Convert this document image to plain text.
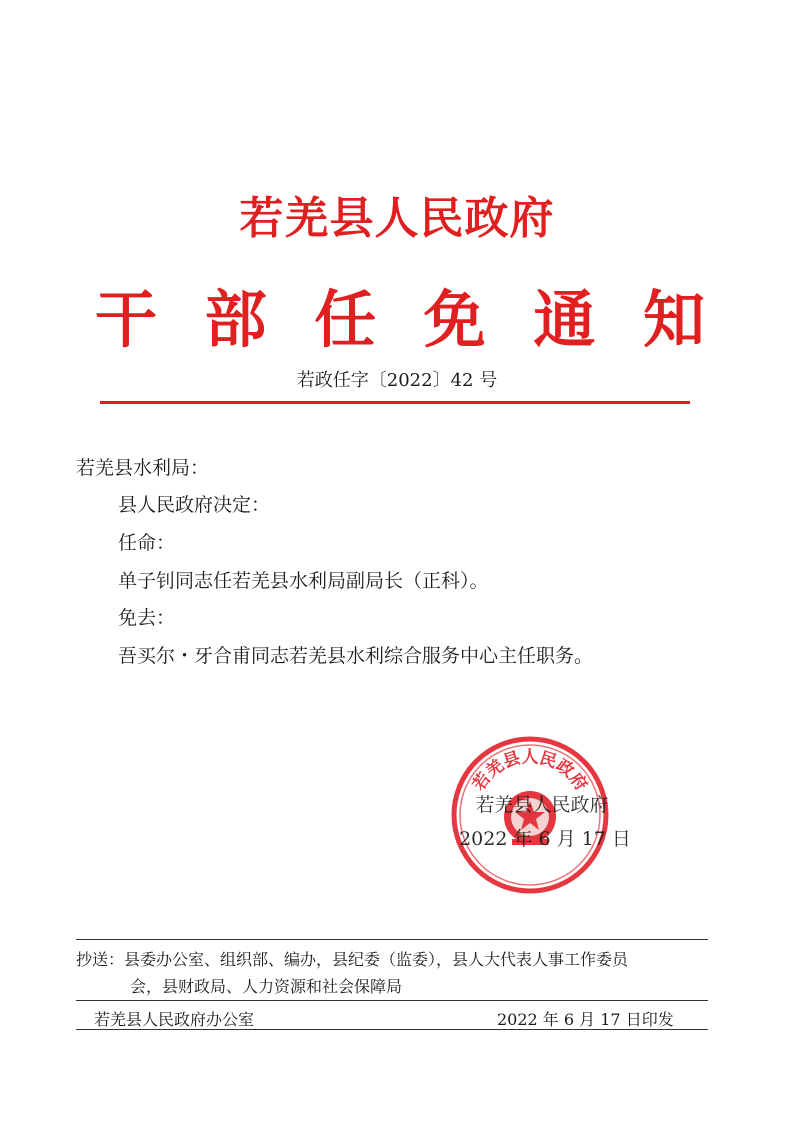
若羌县人民政府
干 部 任 免 通 知
若政任字〔2022〕42 号
若羌县水利局：
县人民政府决定：
任命：
单子钊同志任若羌县水利局副局长（正科）。
免去：
吾买尔・牙合甫同志若羌县水利综合服务中心主任职务。
若羌县人民政府
若羌县人民政府
2022 年 6 月 17 日
抄送：县委办公室、组织部、编办，县纪委（监委），县人大代表人事工作委员
会，县财政局、人力资源和社会保障局
若羌县人民政府办公室	2022 年 6 月 17 日印发
